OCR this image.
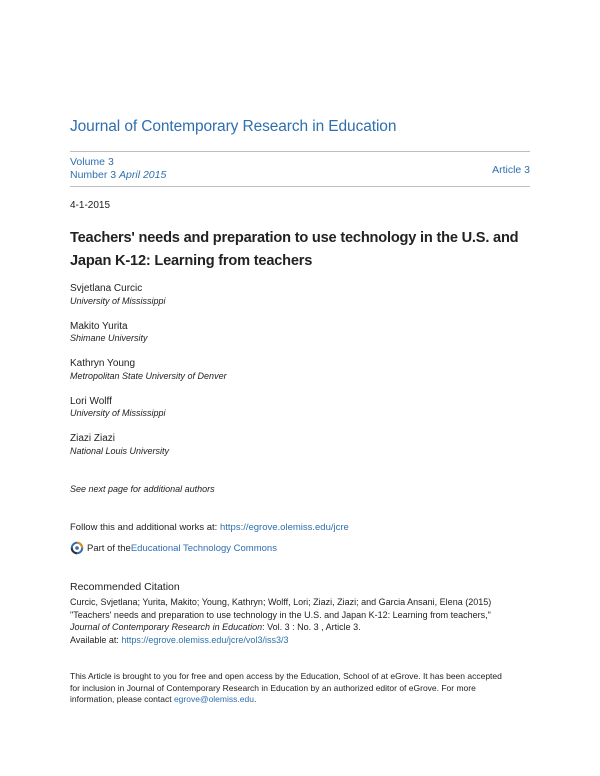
Journal of Contemporary Research in Education
Volume 3
Number 3 April 2015	Article 3
4-1-2015
Teachers' needs and preparation to use technology in the U.S. and Japan K-12: Learning from teachers
Svjetlana Curcic
University of Mississippi
Makito Yurita
Shimane University
Kathryn Young
Metropolitan State University of Denver
Lori Wolff
University of Mississippi
Ziazi Ziazi
National Louis University
See next page for additional authors
Follow this and additional works at: https://egrove.olemiss.edu/jcre
Part of the Educational Technology Commons
Recommended Citation
Curcic, Svjetlana; Yurita, Makito; Young, Kathryn; Wolff, Lori; Ziazi, Ziazi; and Garcia Ansani, Elena (2015)
"Teachers' needs and preparation to use technology in the U.S. and Japan K-12: Learning from teachers,"
Journal of Contemporary Research in Education: Vol. 3 : No. 3 , Article 3.
Available at: https://egrove.olemiss.edu/jcre/vol3/iss3/3
This Article is brought to you for free and open access by the Education, School of at eGrove. It has been accepted
for inclusion in Journal of Contemporary Research in Education by an authorized editor of eGrove. For more
information, please contact egrove@olemiss.edu.
